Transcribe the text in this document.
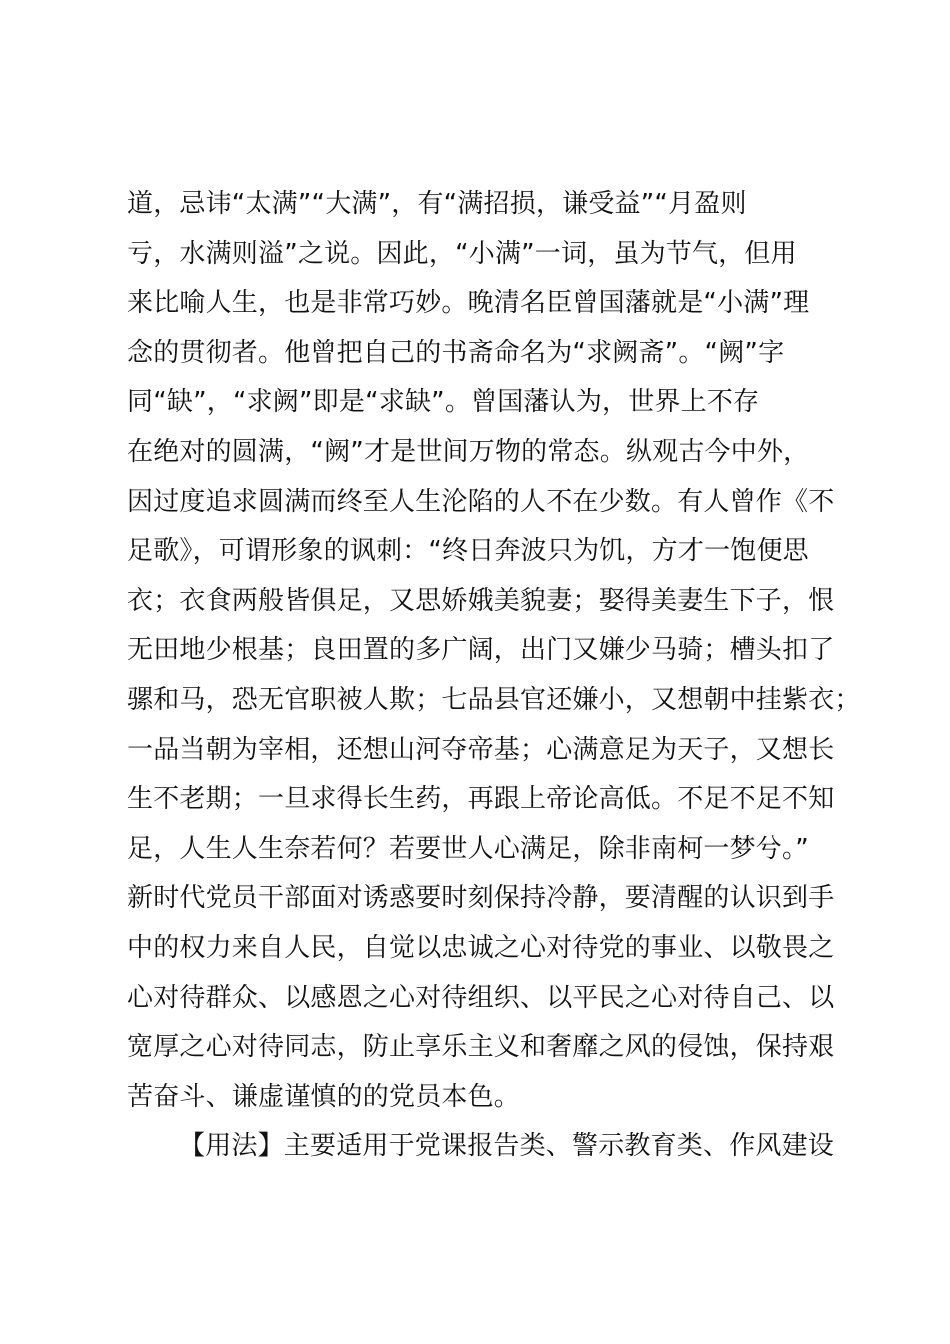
道，忌讳“太满”“大满”，有“满招损，谦受益”“月盈则
亏，水满则溢”之说。因此，“小满”一词，虽为节气，但用
来比喻人生，也是非常巧妙。晚清名臣曾国藩就是“小满”理
念的贯彻者。他曾把自己的书斋命名为“求阙斋”。“阙”字
同“缺”，“求阙”即是“求缺”。曾国藩认为，世界上不存
在绝对的圆满，“阙”才是世间万物的常态。纵观古今中外，
因过度追求圆满而终至人生沦陷的人不在少数。有人曾作《不
足歌》，可谓形象的讽刺：“终日奔波只为饥，方才一饱便思
衣；衣食两般皆俱足，又思娇娥美貌妻；娶得美妻生下子，恨
无田地少根基；良田置的多广阔，出门又嫌少马骑；槽头扣了
骡和马，恐无官职被人欺；七品县官还嫌小，又想朝中挂紫衣；
一品当朝为宰相，还想山河夺帝基；心满意足为天子，又想长
生不老期；一旦求得长生药，再跟上帝论高低。不足不足不知
足，人生人生奈若何？若要世人心满足，除非南柯一梦兮。”
新时代党员干部面对诱惑要时刻保持冷静，要清醒的认识到手
中的权力来自人民，自觉以忠诚之心对待党的事业、以敬畏之
心对待群众、以感恩之心对待组织、以平民之心对待自己、以
宽厚之心对待同志，防止享乐主义和奢靡之风的侵蚀，保持艰
苦奋斗、谦虚谨慎的的党员本色。
【用法】主要适用于党课报告类、警示教育类、作风建设
